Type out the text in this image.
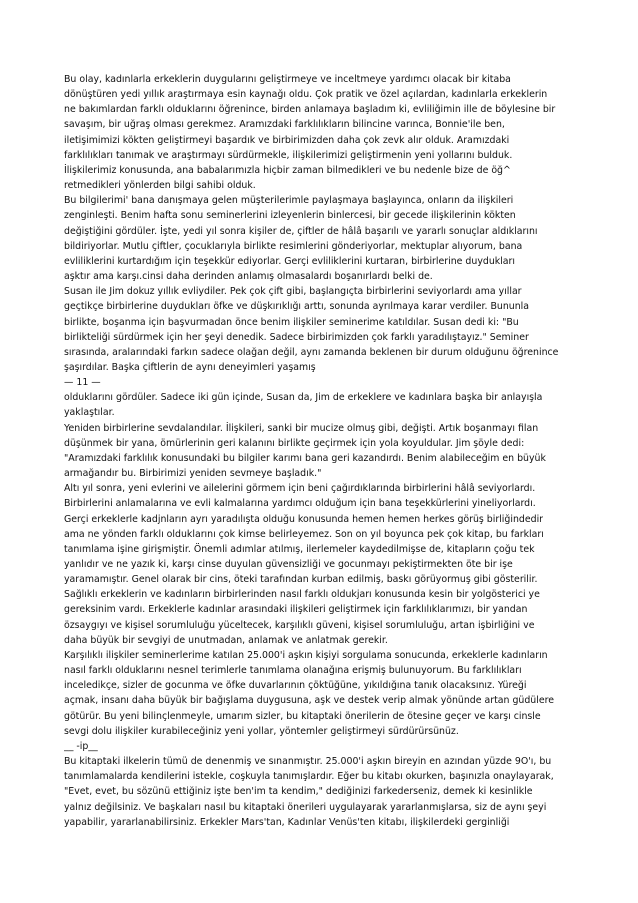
Bu olay, kadınlarla erkeklerin duygularını geliştirmeye ve inceltmeye yardımcı olacak bir kitaba
dönüştüren yedi yıllık araştırmaya esin kaynağı oldu. Çok pratik ve özel açılardan, kadınlarla erkeklerin
ne bakımlardan farklı olduklarını öğrenince, birden anlamaya başladım ki, evliliğimin ille de böylesine bir
savaşım, bir uğraş olması gerekmez. Aramızdaki farklılıkların bilincine varınca, Bonnie'ile ben,
iletişimimizi kökten geliştirmeyi başardık ve birbirimizden daha çok zevk alır olduk. Aramızdaki
farklılıkları tanımak ve araştırmayı sürdürmekle, ilişkilerimizi geliştirmenin yeni yollarını bulduk.
İlişkilerimiz konusunda, ana babalarımızla hiçbir zaman bilmedikleri ve bu nedenle bize de öğ^
retmedikleri yönlerden bilgi sahibi olduk.
Bu bilgilerimi' bana danışmaya gelen müşterilerimle paylaşmaya başlayınca, onların da ilişkileri
zenginleşti. Benim hafta sonu seminerlerini izleyenlerin binlercesi, bir gecede ilişkilerinin kökten
değiştiğini gördüler. İşte, yedi yıl sonra kişiler de, çiftler de hâlâ başarılı ve yararlı sonuçlar aldıklarını
bildiriyorlar. Mutlu çiftler, çocuklarıyla birlikte resimlerini gönderiyorlar, mektuplar alıyorum, bana
evliliklerini kurtardığım için teşekkür ediyorlar. Gerçi evliliklerini kurtaran, birbirlerine duydukları
aşktır ama karşı.cinsi daha derinden anlamış olmasalardı boşanırlardı belki de.
Susan ile Jim dokuz yıllık evliydiler. Pek çok çift gibi, başlangıçta birbirlerini seviyorlardı ama yıllar
geçtikçe birbirlerine duydukları öfke ve düşkırıklığı arttı, sonunda ayrılmaya karar verdiler. Bununla
birlikte, boşanma için başvurmadan önce benim ilişkiler seminerime katıldılar. Susan dedi ki: "Bu
birlikteliği sürdürmek için her şeyi denedik. Sadece birbirimizden çok farklı yaradılıştayız." Seminer
sırasında, aralarındaki farkın sadece olağan değil, aynı zamanda beklenen bir durum olduğunu öğrenince
şaşırdılar. Başka çiftlerin de aynı deneyimleri yaşamış
— 11 —
olduklarını gördüler. Sadece iki gün içinde, Susan da, Jim de erkeklere ve kadınlara başka bir anlayışla
yaklaştılar.
Yeniden birbirlerine sevdalandılar. İlişkileri, sanki bir mucize olmuş gibi, değişti. Artık boşanmayı filan
düşünmek bir yana, ömürlerinin geri kalanını birlikte geçirmek için yola koyuldular. Jim şöyle dedi:
"Aramızdaki farklılık konusundaki bu bilgiler karımı bana geri kazandırdı. Benim alabileceğim en büyük
armağandır bu. Birbirimizi yeniden sevmeye başladık."
Altı yıl sonra, yeni evlerini ve ailelerini görmem için beni çağırdıklarında birbirlerini hâlâ seviyorlardı.
Birbirlerini anlamalarına ve evli kalmalarına yardımcı olduğum için bana teşekkürlerini yineliyorlardı.
Gerçi erkeklerle kadjnların ayrı yaradılışta olduğu konusunda hemen hemen herkes görüş birliğindedir
ama ne yönden farklı olduklarını çok kimse belirleyemez. Son on yıl boyunca pek çok kitap, bu farkları
tanımlama işine girişmiştir. Önemli adımlar atılmış, ilerlemeler kaydedilmişse de, kitapların çoğu tek
yanlıdır ve ne yazık ki, karşı cinse duyulan güvensizliği ve gocunmayı pekiştirmekten öte bir işe
yaramamıştır. Genel olarak bir cins, öteki tarafından kurban edilmiş, baskı görüyormuş gibi gösterilir.
Sağlıklı erkeklerin ve kadınların birbirlerinden nasıl farklı oldukjarı konusunda kesin bir yolgösterici ye
gereksinim vardı. Erkeklerle kadınlar arasındaki ilişkileri geliştirmek için farklılıklarımızı, bir yandan
özsaygıyı ve kişisel sorumluluğu yüceltecek, karşılıklı güveni, kişisel sorumluluğu, artan işbirliğini ve
daha büyük bir sevgiyi de unutmadan, anlamak ve anlatmak gerekir.
Karşılıklı ilişkiler seminerlerime katılan 25.000'i aşkın kişiyi sorgulama sonucunda, erkeklerle kadınların
nasıl farklı olduklarını nesnel terimlerle tanımlama olanağına erişmiş bulunuyorum. Bu farklılıkları
inceledikçe, sizler de gocunma ve öfke duvarlarının çöktüğüne, yıkıldığına tanık olacaksınız. Yüreği
açmak, insanı daha büyük bir bağışlama duygusuna, aşk ve destek verip almak yönünde artan güdülere
götürür. Bu yeni bilinçlenmeyle, umarım sizler, bu kitaptaki önerilerin de ötesine geçer ve karşı cinsle
sevgi dolu ilişkiler kurabileceğiniz yeni yollar, yöntemler geliştirmeyi sürdürürsünüz.
__ -ip__
Bu kitaptaki ilkelerin tümü de denenmiş ve sınanmıştır. 25.000'i aşkın bireyin en azından yüzde 9O'ı, bu
tanımlamalarda kendilerini istekle, coşkuyla tanımışlardır. Eğer bu kitabı okurken, başınızla onaylayarak,
"Evet, evet, bu sözünü ettiğiniz işte ben'im ta kendim," dediğinizi farkederseniz, demek ki kesinlikle
yalnız değilsiniz. Ve başkaları nasıl bu kitaptaki önerileri uygulayarak yararlanmışlarsa, siz de aynı şeyi
yapabilir, yararlanabilirsiniz. Erkekler Mars'tan, Kadınlar Venüs'ten kitabı, ilişkilerdeki gerginliği
